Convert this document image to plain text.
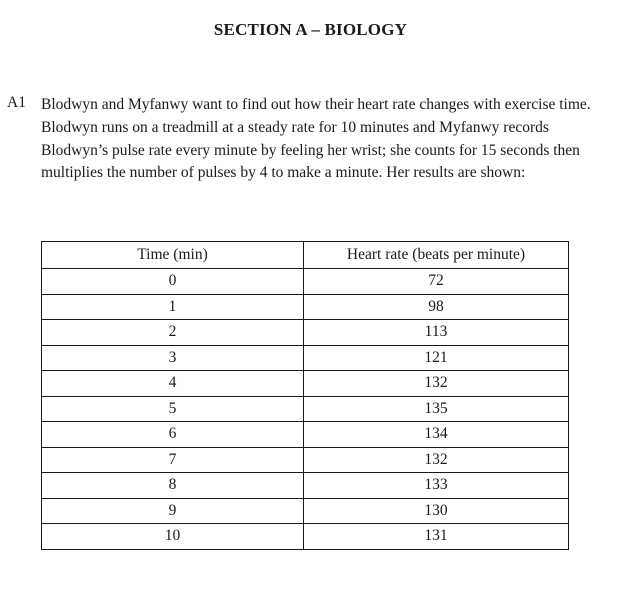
SECTION A – BIOLOGY
A1 Blodwyn and Myfanwy want to find out how their heart rate changes with exercise time. Blodwyn runs on a treadmill at a steady rate for 10 minutes and Myfanwy records Blodwyn’s pulse rate every minute by feeling her wrist; she counts for 15 seconds then multiplies the number of pulses by 4 to make a minute. Her results are shown:
Time (min)	Heart rate (beats per minute)
0	72
1	98
2	113
3	121
4	132
5	135
6	134
7	132
8	133
9	130
10	131
